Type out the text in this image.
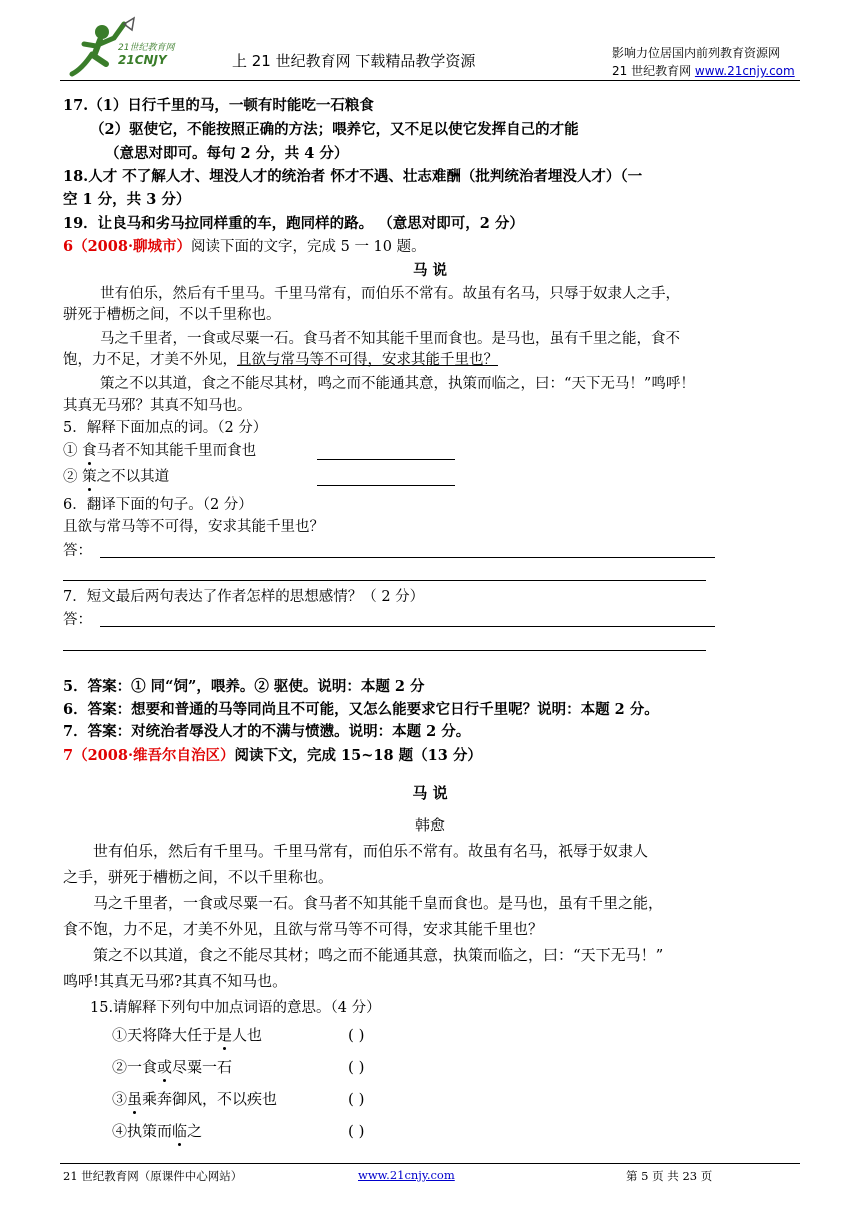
21世纪教育网
21CNJY	上 21 世纪教育网 下载精品教学资源	影响力位居国内前列教育资源网
21 世纪教育网 www.21cnjy.com
17.（1）日行千里的马，一顿有时能吃一石粮食
（2）驱使它，不能按照正确的方法；喂养它，又不足以使它发挥自己的才能
（意思对即可。每句 2 分，共 4 分）
18.人才 不了解人才、埋没人才的统治者 怀才不遇、壮志难酬（批判统治者埋没人才）（一
空 1 分，共 3 分）
19．让良马和劣马拉同样重的车，跑同样的路。 （意思对即可，2 分）
6（2008·聊城市）阅读下面的文字，完成 5 一 10 题。
马 说
世有伯乐，然后有千里马。千里马常有，而伯乐不常有。故虽有名马，只辱于奴隶人之手，
骈死于槽枥之间，不以千里称也。
马之千里者，一食或尽粟一石。食马者不知其能千里而食也。是马也，虽有千里之能，食不
饱，力不足，才美不外见，且欲与常马等不可得，安求其能千里也？
策之不以其道，食之不能尽其材，鸣之而不能通其意，执策而临之，曰：“天下无马！”鸣呼！
其真无马邪？其真不知马也。
5．解释下面加点的词。（2 分）
① 食马者不知其能千里而食也
② 策之不以其道
6．翻译下面的句子。（2 分）
且欲与常马等不可得，安求其能千里也？
答：
7．短文最后两句表达了作者怎样的思想感情？（ 2 分）
答：
5．答案：① 同“饲”，喂养。② 驱使。说明：本题 2 分
6．答案：想要和普通的马等同尚且不可能，又怎么能要求它日行千里呢？说明：本题 2 分。
7．答案：对统治者辱没人才的不满与愤懑。说明：本题 2 分。
7（2008·维吾尔自治区）阅读下文，完成 15~18 题（13 分）
马 说
韩愈
世有伯乐，然后有千里马。千里马常有，而伯乐不常有。故虽有名马，祇辱于奴隶人
之手，骈死于槽枥之间，不以千里称也。
马之千里者，一食或尽粟一石。食马者不知其能千皇而食也。是马也，虽有千里之能，
食不饱，力不足，才美不外见，且欲与常马等不可得，安求其能千里也？
策之不以其道，食之不能尽其材；鸣之而不能通其意，执策而临之，曰：“天下无马！”
鸣呼!其真无马邪?其真不知马也。
15.请解释下列句中加点词语的意思。（4 分）
①天将降大任于是人也	( )
②一食或尽粟一石	( )
③虽乘奔御风，不以疾也	( )
④执策而临之	( )
21 世纪教育网（原课件中心网站）	www.21cnjy.com	第 5 页 共 23 页
